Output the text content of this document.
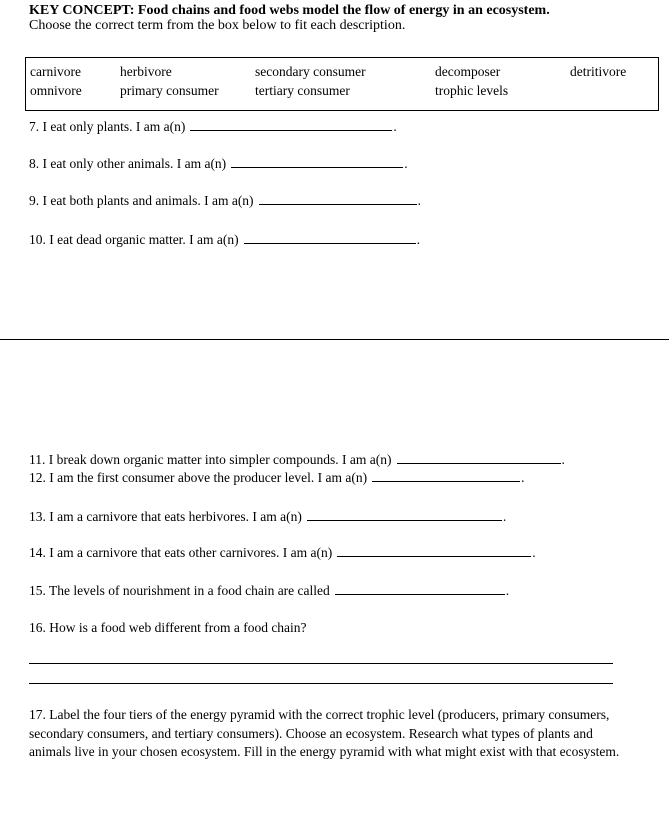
KEY CONCEPT: Food chains and food webs model the flow of energy in an ecosystem.
Choose the correct term from the box below to fit each description.
carnivore	herbivore	secondary consumer	decomposer	detritivore
omnivore	primary consumer	tertiary consumer	trophic levels
7. I eat only plants. I am a(n)	.
8. I eat only other animals. I am a(n)	.
9. I eat both plants and animals. I am a(n)	.
10. I eat dead organic matter. I am a(n)	.
11. I break down organic matter into simpler compounds. I am a(n)	.
12. I am the first consumer above the producer level. I am a(n)	.
13. I am a carnivore that eats herbivores. I am a(n)	.
14. I am a carnivore that eats other carnivores. I am a(n)	.
15. The levels of nourishment in a food chain are called	.
16. How is a food web different from a food chain?
17. Label the four tiers of the energy pyramid with the correct trophic level (producers, primary consumers, secondary consumers, and tertiary consumers). Choose an ecosystem. Research what types of plants and animals live in your chosen ecosystem. Fill in the energy pyramid with what might exist with that ecosystem.
